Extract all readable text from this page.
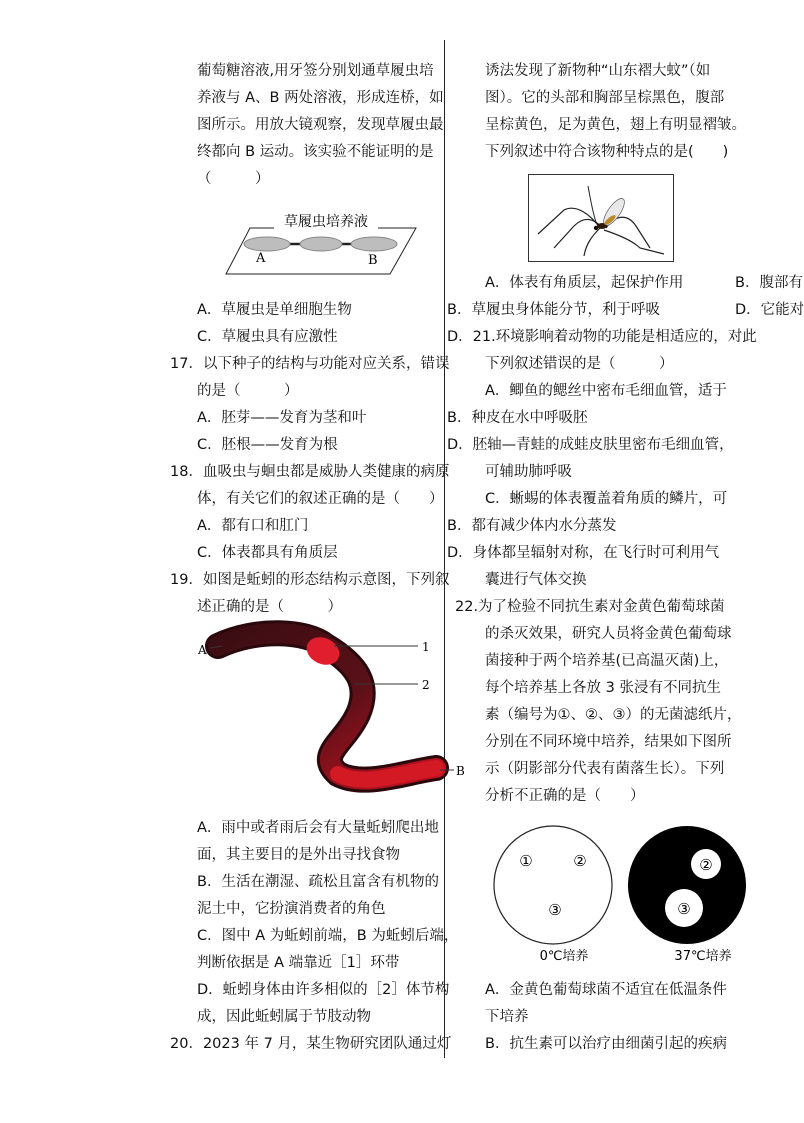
葡萄糖溶液,用牙签分别划通草履虫培
养液与 A、B 两处溶液，形成连桥，如
图所示。用放大镜观察，发现草履虫最
终都向 B 运动。该实验不能证明的是
（　　　）
草履虫培养液
A	B
A．草履虫是单细胞生物
C．草履虫具有应激性
17．以下种子的结构与功能对应关系，错误
的是（　　　）
A．胚芽——发育为茎和叶
C．胚根——发育为根
18．血吸虫与蛔虫都是威胁人类健康的病原
体，有关它们的叙述正确的是（　　）
A．都有口和肛门
C．体表都具有角质层
19．如图是蚯蚓的形态结构示意图，下列叙
述正确的是（　　　）
A	1
2
B
A．雨中或者雨后会有大量蚯蚓爬出地
面，其主要目的是外出寻找食物
B．生活在潮湿、疏松且富含有机物的
泥土中，它扮演消费者的角色
C．图中 A 为蚯蚓前端，B 为蚯蚓后端，
判断依据是 A 端靠近［1］环带
D．蚯蚓身体由许多相似的［2］体节构
成，因此蚯蚓属于节肢动物
20．2023 年 7 月，某生物研究团队通过灯
诱法发现了新物种“山东褶大蚊”（如
图）。它的头部和胸部呈棕黑色，腹部
呈棕黄色，足为黄色，翅上有明显褶皱。
下列叙述中符合该物种特点的是(　　)
A．体表有角质层，起保护作用	B．腹部有
D．它能对
B．草履虫身体能分节，利于呼吸
D．21.环境影响着动物的功能是相适应的，对此
下列叙述错误的是（　　　）
A．鲫鱼的鳃丝中密布毛细血管，适于
B．种皮在水中呼吸胚
D．胚轴—青蛙的成蛙皮肤里密布毛细血管，
可辅助肺呼吸
C．蜥蜴的体表覆盖着角质的鳞片，可
B．都有减少体内水分蒸发
D．身体都呈辐射对称，在飞行时可利用气
囊进行气体交换
22.为了检验不同抗生素对金黄色葡萄球菌
的杀灭效果，研究人员将金黄色葡萄球
菌接种于两个培养基(已高温灭菌)上，
每个培养基上各放 3 张浸有不同抗生
素（编号为①、②、③）的无菌滤纸片，
分别在不同环境中培养，结果如下图所
示（阴影部分代表有菌落生长）。下列
分析不正确的是（　　）
①	②
③
②
③
0℃培养	37℃培养
A．金黄色葡萄球菌不适宜在低温条件
下培养
B．抗生素可以治疗由细菌引起的疾病
